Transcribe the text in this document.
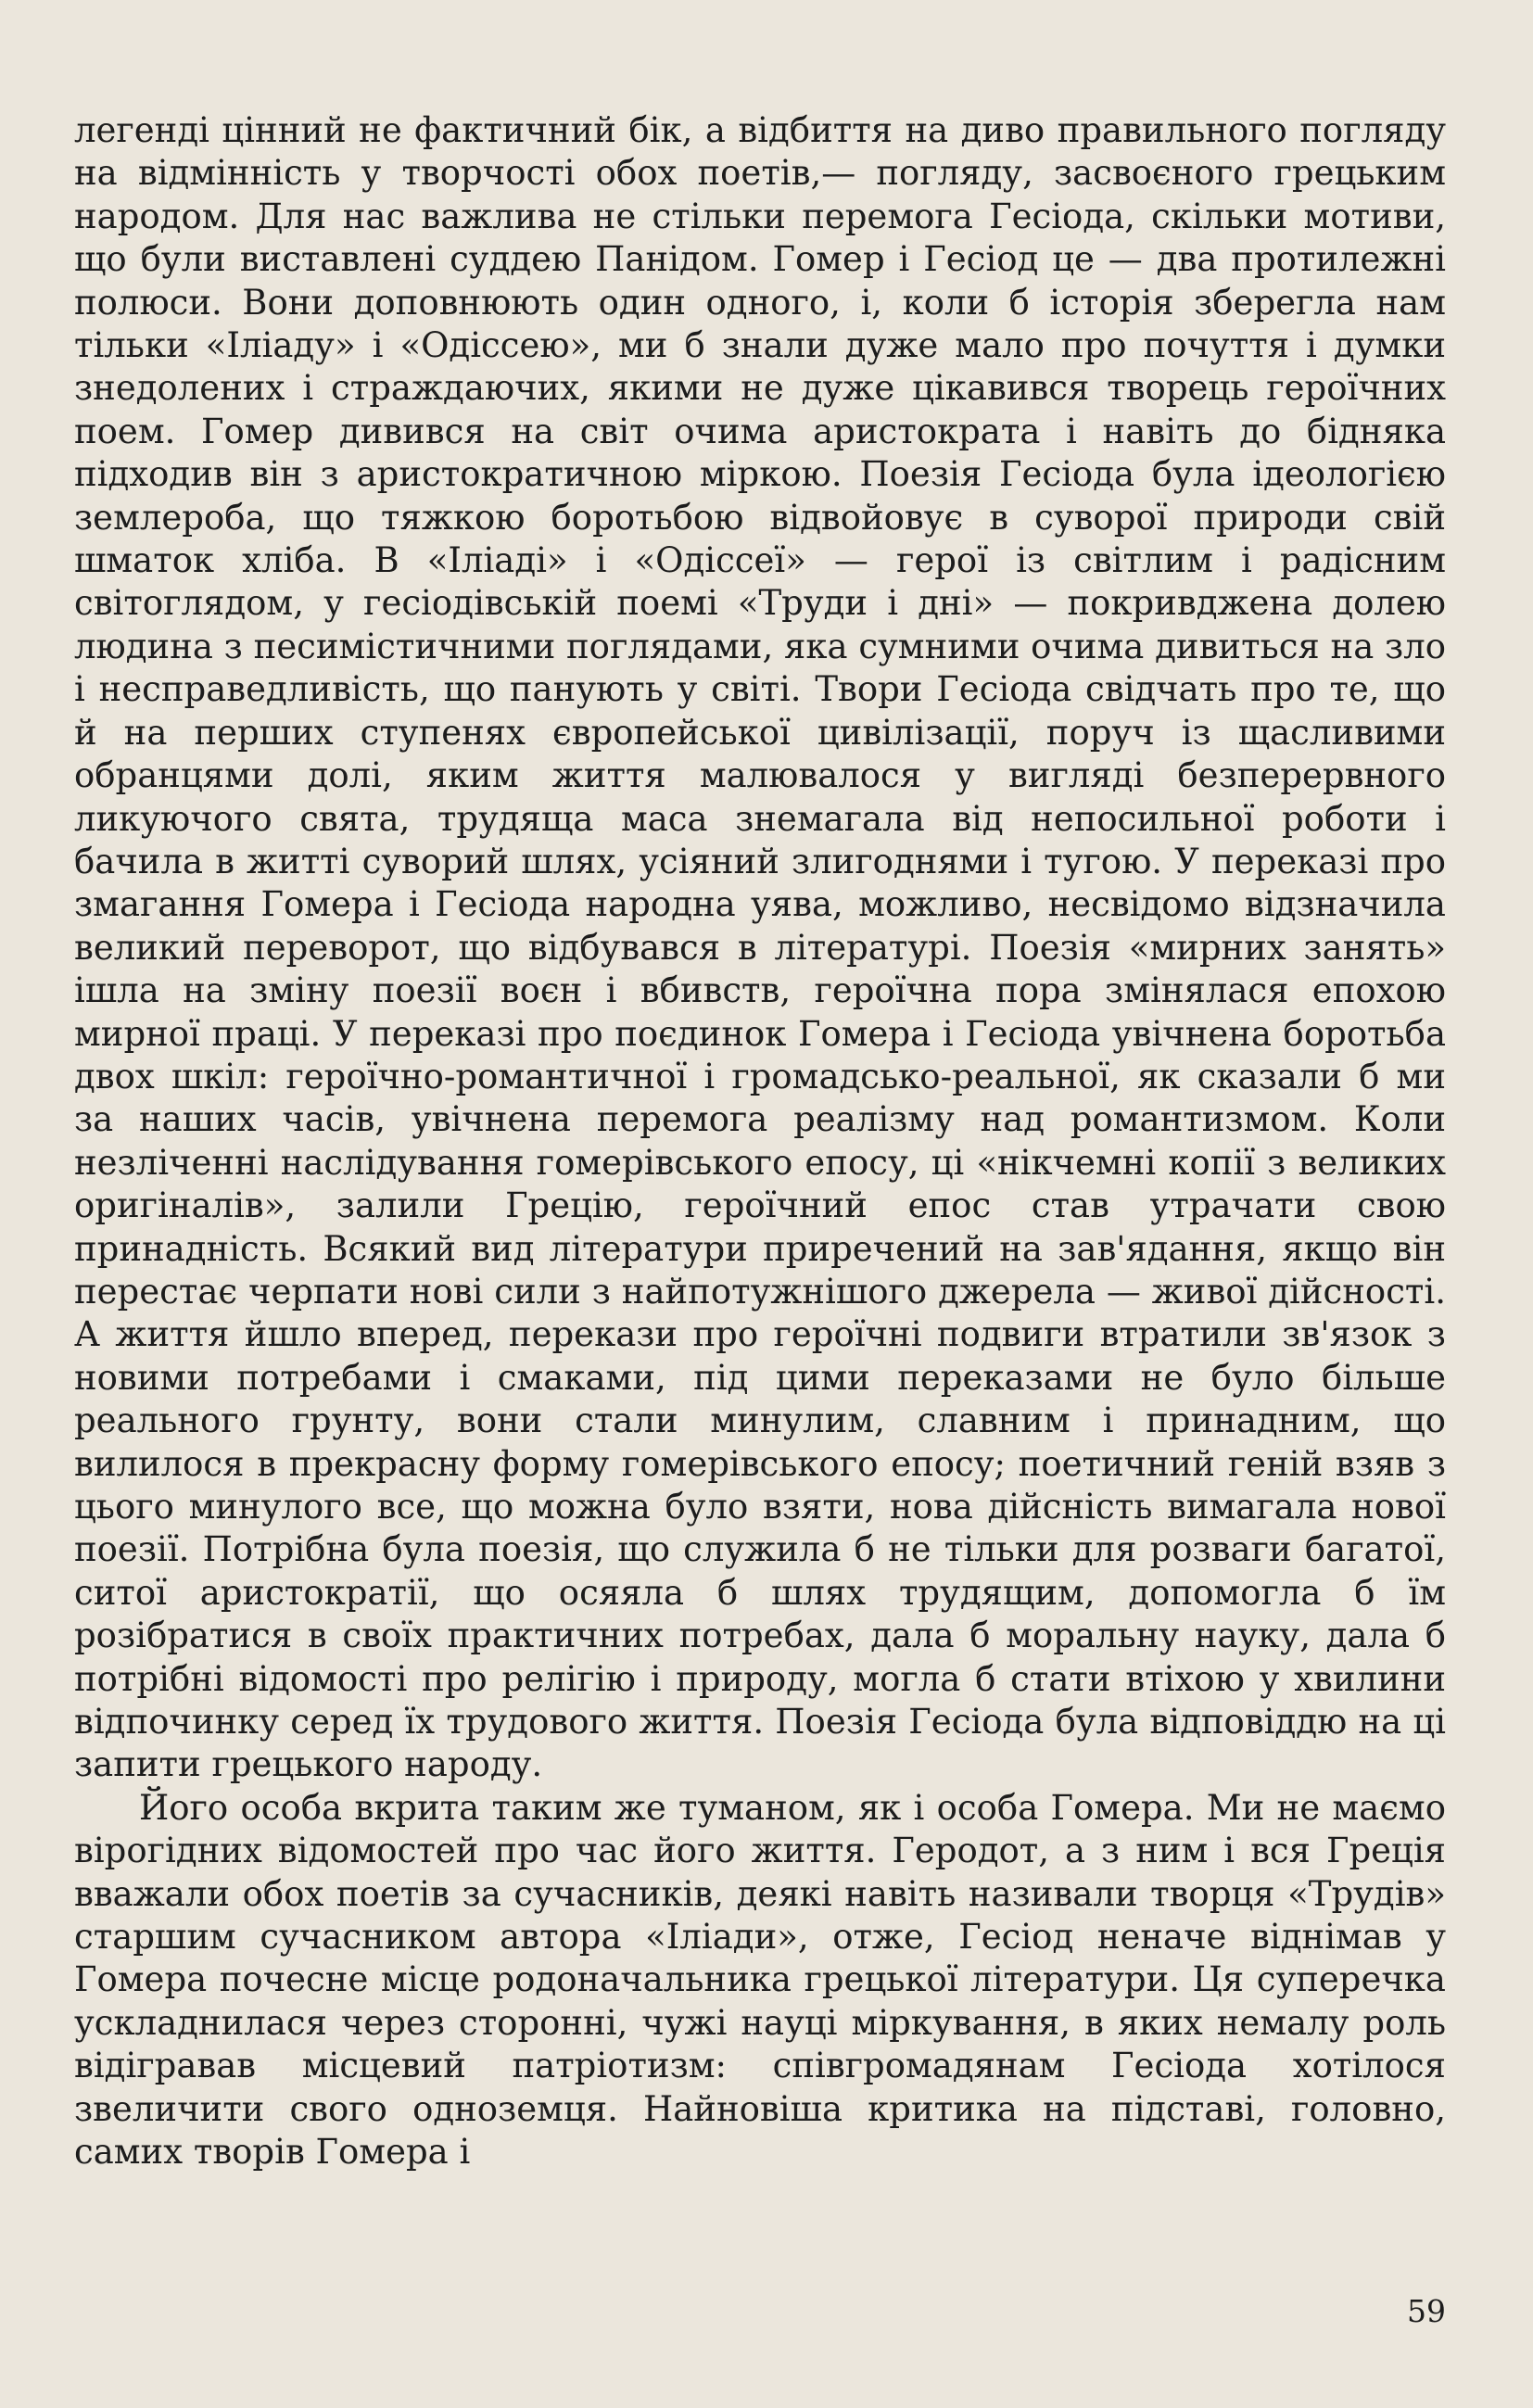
легенді цінний не фактичний бік, а відбиття на диво правильного погляду на відмінність у творчості обох поетів,— погляду, засвоєного грецьким народом. Для нас важлива не стільки перемога Гесіода, скільки мотиви, що були виставлені суддею Панідом. Гомер і Гесіод це — два протилежні полюси. Вони доповнюють один одного, і, коли б історія зберегла нам тільки «Іліаду» і «Одіссею», ми б знали дуже мало про почуття і думки знедолених і страждаючих, якими не дуже цікавився творець героїчних поем. Гомер дивився на світ очима аристократа і навіть до бідняка підходив він з аристократичною міркою. Поезія Гесіода була ідеологією землероба, що тяжкою боротьбою відвойовує в суворої природи свій шматок хліба. В «Іліаді» і «Одіссеї» — герої із світлим і радісним світоглядом, у гесіодівській поемі «Труди і дні» — покривджена долею людина з песимістичними поглядами, яка сумними очима дивиться на зло і несправедливість, що панують у світі. Твори Гесіода свідчать про те, що й на перших ступенях європейської цивілізації, поруч із щасливими обранцями долі, яким життя малювалося у вигляді безперервного ликуючого свята, трудяща маса знемагала від непосильної роботи і бачила в житті суворий шлях, усіяний злигоднями і тугою. У переказі про змагання Гомера і Гесіода народна уява, можливо, несвідомо відзначила великий переворот, що відбувався в літературі. Поезія «мирних занять» ішла на зміну поезії воєн і вбивств, героїчна пора змінялася епохою мирної праці. У переказі про поєдинок Гомера і Гесіода увічнена боротьба двох шкіл: героїчно-романтичної і громадсько-реальної, як сказали б ми за наших часів, увічнена перемога реалізму над романтизмом. Коли незліченні наслідування гомерівського епосу, ці «нікчемні копії з великих оригіналів», залили Грецію, героїчний епос став утрачати свою принадність. Всякий вид літератури приречений на зав'ядання, якщо він перестає черпати нові сили з найпотужнішого джерела — живої дійсності. А життя йшло вперед, перекази про героїчні подвиги втратили зв'язок з новими потребами і смаками, під цими переказами не було більше реального грунту, вони стали минулим, славним і принадним, що вилилося в прекрасну форму гомерівського епосу; поетичний геній взяв з цього минулого все, що можна було взяти, нова дійсність вимагала нової поезії. Потрібна була поезія, що служила б не тільки для розваги багатої, ситої аристократії, що осяяла б шлях трудящим, допомогла б їм розібратися в своїх практичних потребах, дала б моральну науку, дала б потрібні відомості про релігію і природу, могла б стати втіхою у хвилини відпочинку серед їх трудового життя. Поезія Гесіода була відповіддю на ці запити грецького народу.

Його особа вкрита таким же туманом, як і особа Гомера. Ми не маємо вірогідних відомостей про час його життя. Геродот, а з ним і вся Греція вважали обох поетів за сучасників, деякі навіть називали творця «Трудів» старшим сучасником автора «Іліади», отже, Гесіод неначе віднімав у Гомера почесне місце родоначальника грецької літератури. Ця суперечка ускладнилася через сторонні, чужі науці міркування, в яких немалу роль відігравав місцевий патріотизм: співгромадянам Гесіода хотілося звеличити свого одноземця. Найновіша критика на підставі, головно, самих творів Гомера і

59
